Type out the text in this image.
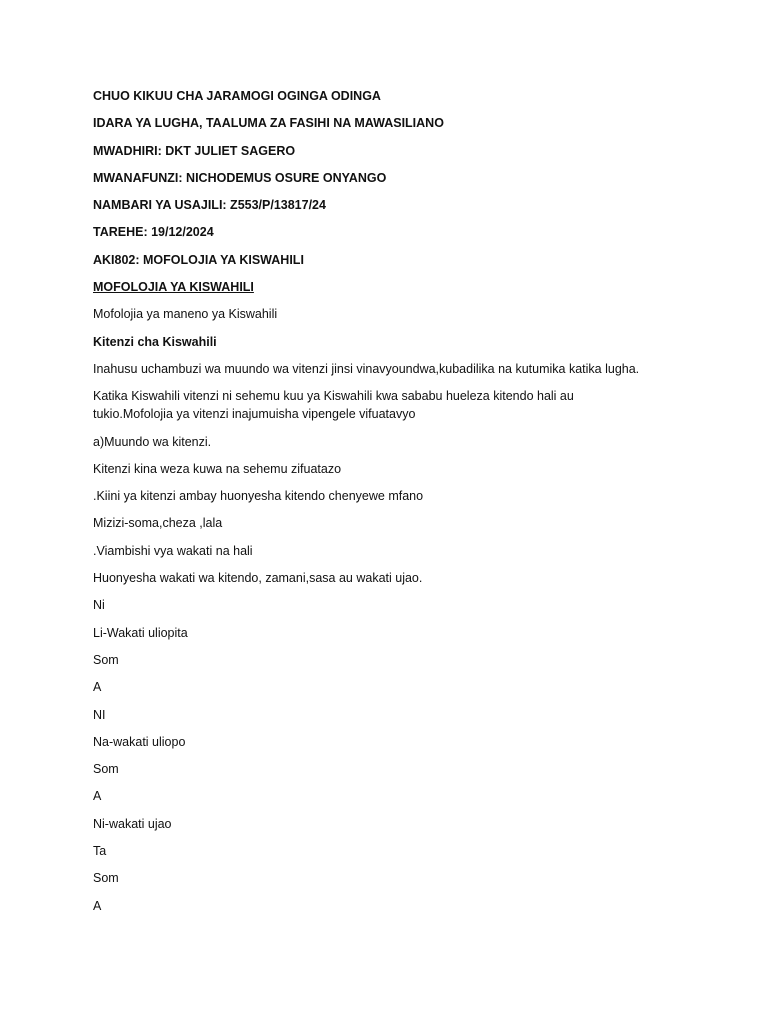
CHUO KIKUU CHA JARAMOGI OGINGA ODINGA

IDARA YA LUGHA, TAALUMA ZA FASIHI NA MAWASILIANO

MWADHIRI: DKT JULIET SAGERO

MWANAFUNZI: NICHODEMUS OSURE ONYANGO

NAMBARI YA USAJILI: Z553/P/13817/24

TAREHE: 19/12/2024

AKI802: MOFOLOJIA YA KISWAHILI

MOFOLOJIA YA KISWAHILI

Mofolojia ya maneno ya Kiswahili

Kitenzi cha Kiswahili

Inahusu uchambuzi wa muundo wa vitenzi jinsi vinavyoundwa,kubadilika na kutumika katika lugha.

Katika Kiswahili vitenzi ni sehemu kuu ya Kiswahili kwa sababu hueleza kitendo hali au
tukio.Mofolojia ya vitenzi inajumuisha vipengele vifuatavyo

a)Muundo wa kitenzi.

Kitenzi kina weza kuwa na sehemu zifuatazo

.Kiini ya kitenzi ambay huonyesha kitendo chenyewe mfano

Mizizi-soma,cheza ,lala

.Viambishi vya wakati na hali

Huonyesha wakati wa kitendo, zamani,sasa au wakati ujao.

Ni

Li-Wakati uliopita

Som

A

NI

Na-wakati uliopo

Som

A

Ni-wakati ujao

Ta

Som

A
